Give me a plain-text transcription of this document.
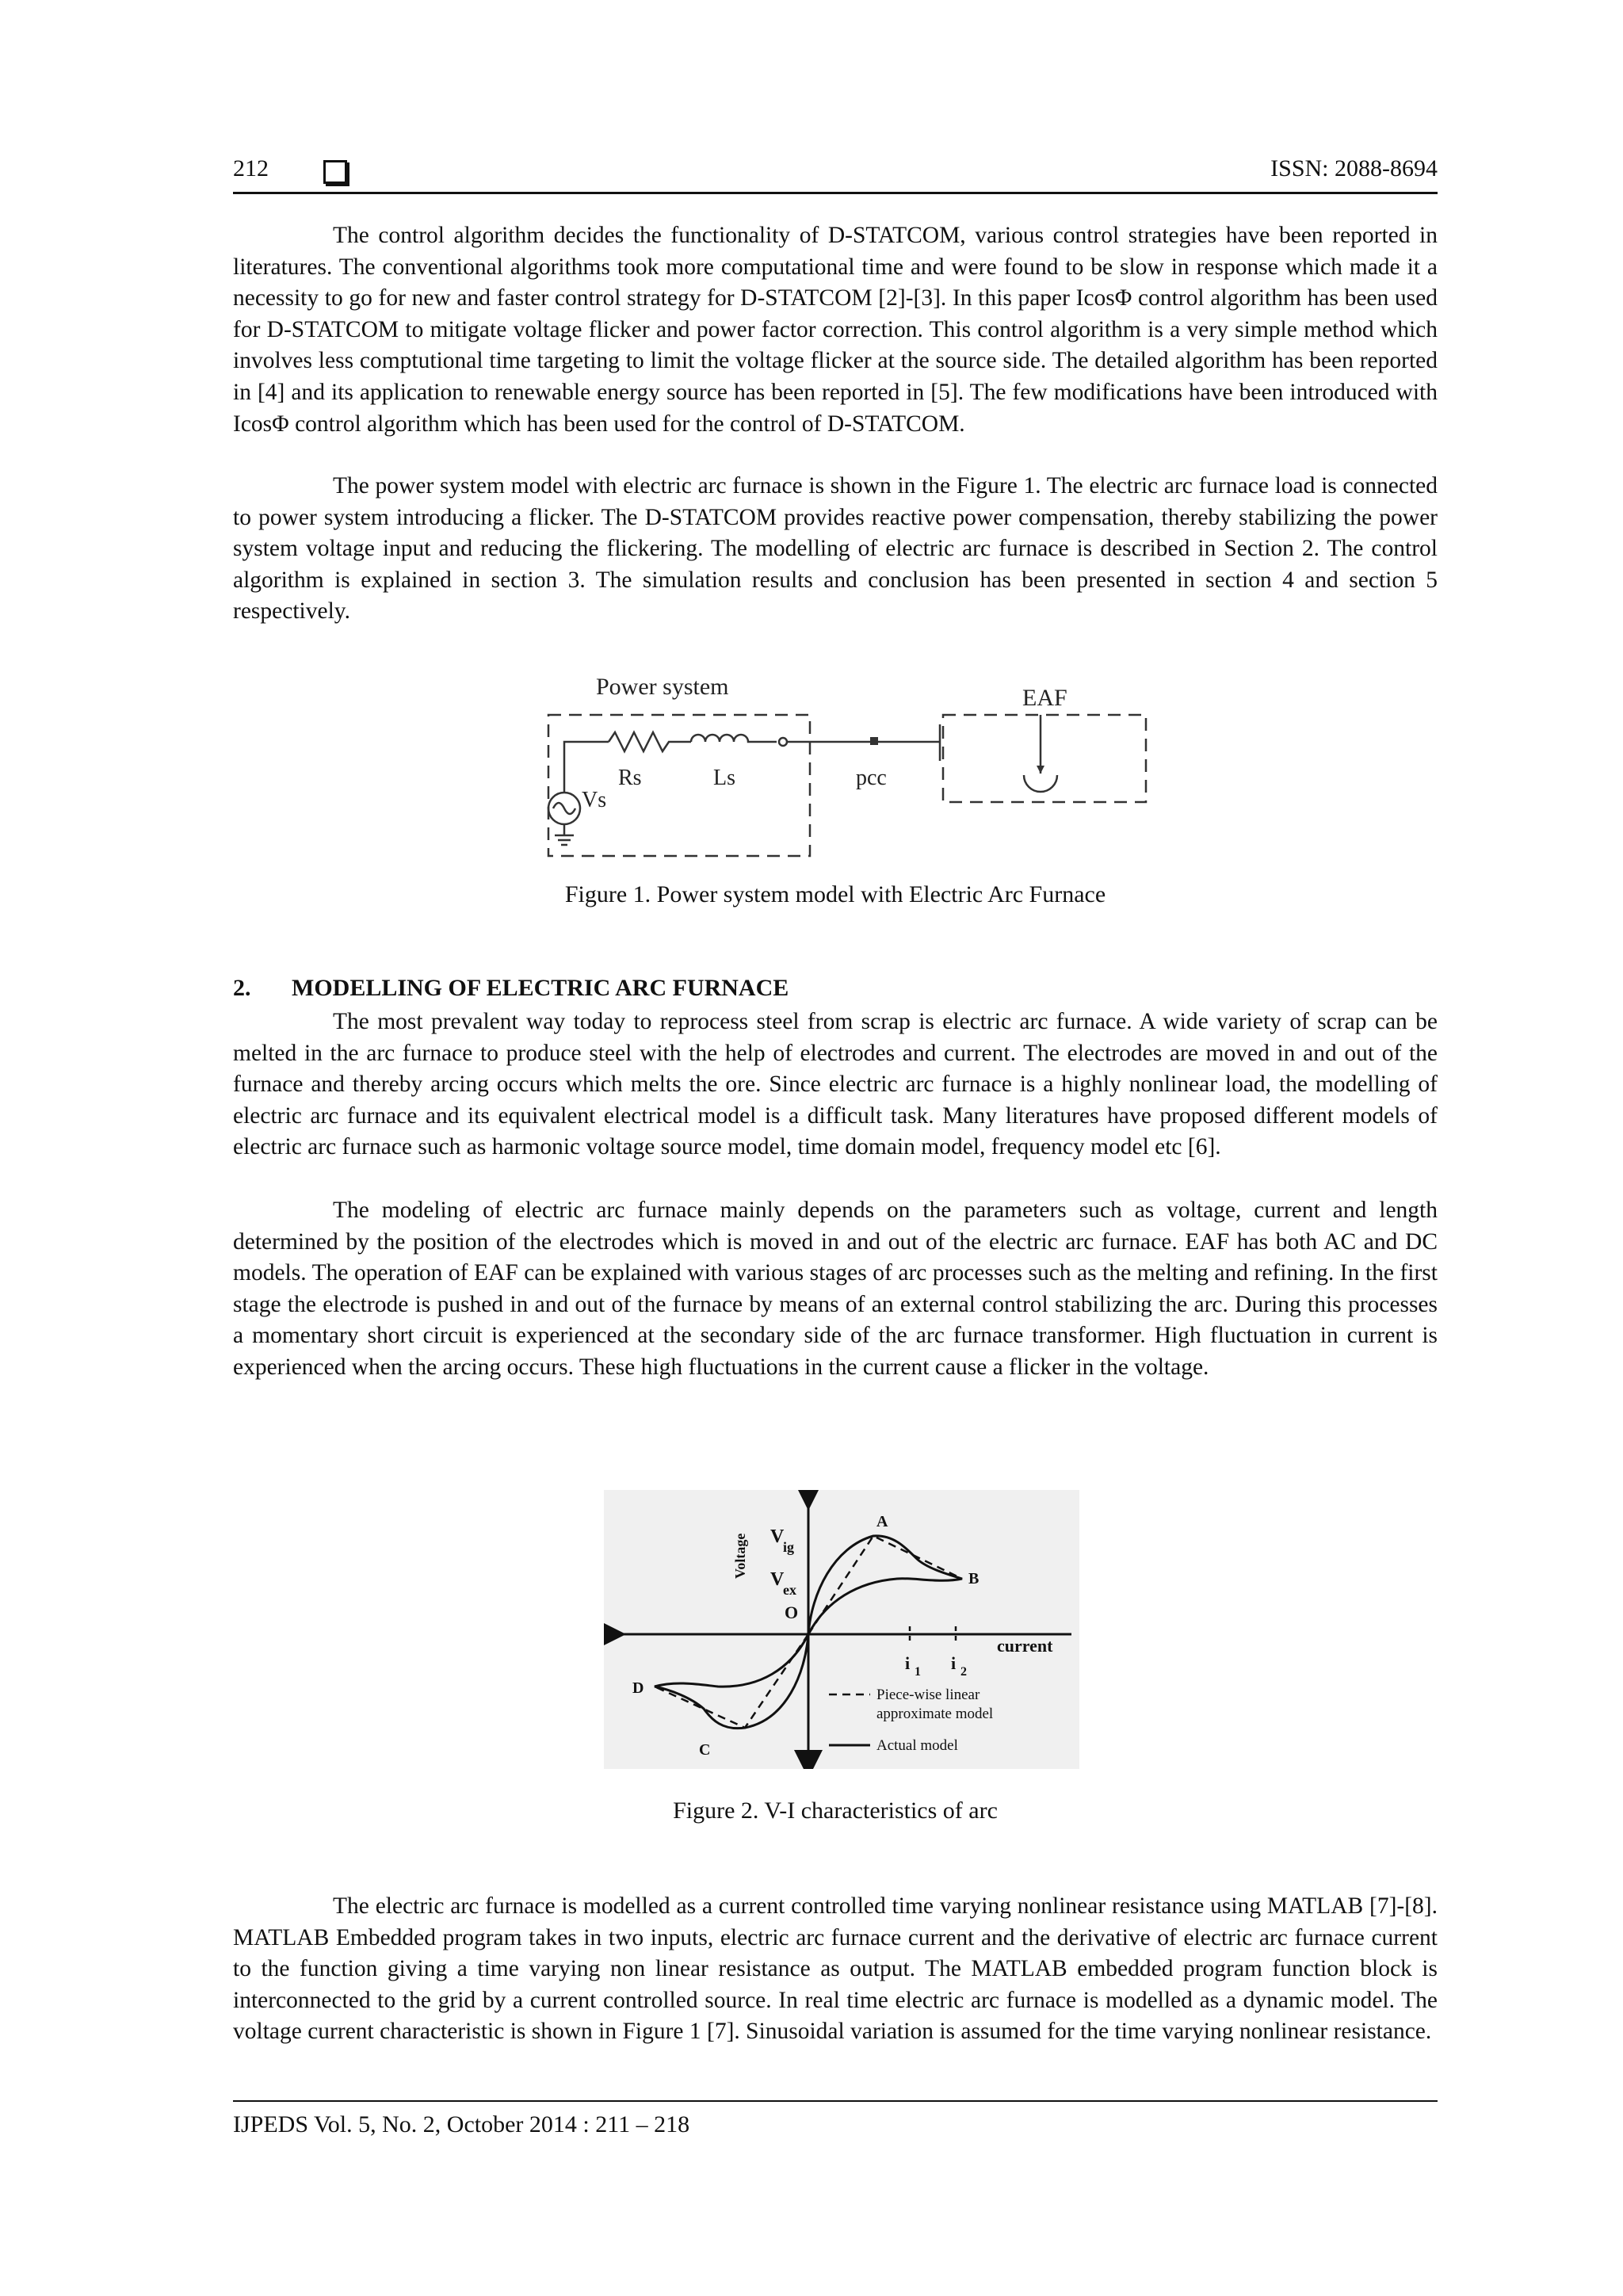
212	ISSN: 2088-8694

The control algorithm decides the functionality of D-STATCOM, various control strategies have been reported in literatures. The conventional algorithms took more computational time and were found to be slow in response which made it a necessity to go for new and faster control strategy for D-STATCOM [2]-[3]. In this paper IcosΦ control algorithm has been used for D-STATCOM to mitigate voltage flicker and power factor correction. This control algorithm is a very simple method which involves less comptutional time targeting to limit the voltage flicker at the source side. The detailed algorithm has been reported in [4] and its application to renewable energy source has been reported in [5]. The few modifications have been introduced with IcosΦ control algorithm which has been used for the control of D-STATCOM.

The power system model with electric arc furnace is shown in the Figure 1. The electric arc furnace load is connected to power system introducing a flicker. The D-STATCOM provides reactive power compensation, thereby stabilizing the power system voltage input and reducing the flickering. The modelling of electric arc furnace is described in Section 2. The control algorithm is explained in section 3. The simulation results and conclusion has been presented in section 4 and section 5 respectively.

Power system	EAF
Rs	Ls	pcc
Vs
Figure 1. Power system model with Electric Arc Furnace
2. MODELLING OF ELECTRIC ARC FURNACE

The most prevalent way today to reprocess steel from scrap is electric arc furnace. A wide variety of scrap can be melted in the arc furnace to produce steel with the help of electrodes and current. The electrodes are moved in and out of the furnace and thereby arcing occurs which melts the ore. Since electric arc furnace is a highly nonlinear load, the modelling of electric arc furnace and its equivalent electrical model is a difficult task. Many literatures have proposed different models of electric arc furnace such as harmonic voltage source model, time domain model, frequency model etc [6].

The modeling of electric arc furnace mainly depends on the parameters such as voltage, current and length determined by the position of the electrodes which is moved in and out of the electric arc furnace. EAF has both AC and DC models. The operation of EAF can be explained with various stages of arc processes such as the melting and refining. In the first stage the electrode is pushed in and out of the furnace by means of an external control stabilizing the arc. During this processes a momentary short circuit is experienced at the secondary side of the arc furnace transformer. High fluctuation in current is experienced when the arcing occurs. These high fluctuations in the current cause a flicker in the voltage.

Voltage V
ig
V
ex
O
A
B
C
D
current
i 1 i 2
Piece-wise linear
approximate model
Actual model
Figure 2. V-I characteristics of arc

The electric arc furnace is modelled as a current controlled time varying nonlinear resistance using MATLAB [7]-[8]. MATLAB Embedded program takes in two inputs, electric arc furnace current and the derivative of electric arc furnace current to the function giving a time varying non linear resistance as output. The MATLAB embedded program function block is interconnected to the grid by a current controlled source. In real time electric arc furnace is modelled as a dynamic model. The voltage current characteristic is shown in Figure 1 [7]. Sinusoidal variation is assumed for the time varying nonlinear resistance.

IJPEDS Vol. 5, No. 2, October 2014 : 211 – 218
